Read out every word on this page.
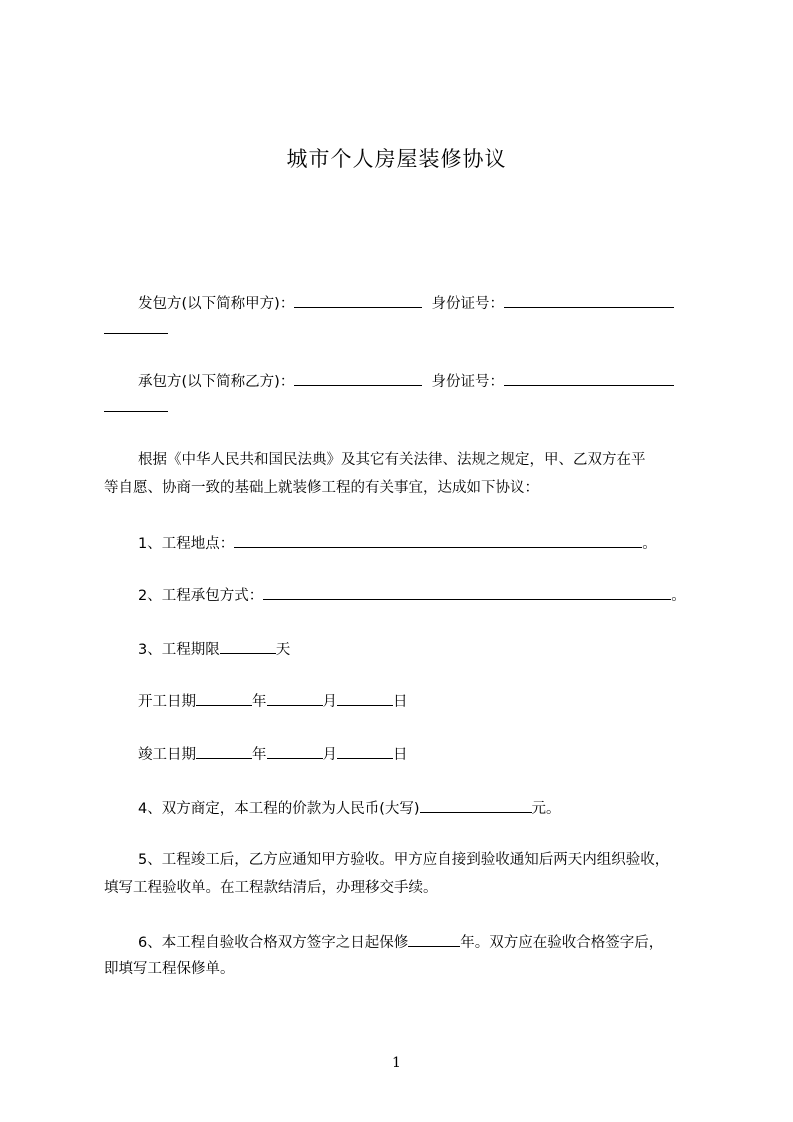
城市个人房屋装修协议
发包方(以下简称甲方)：	身份证号：
承包方(以下简称乙方)：	身份证号：
根据《中华人民共和国民法典》及其它有关法律、法规之规定，甲、乙双方在平
等自愿、协商一致的基础上就装修工程的有关事宜，达成如下协议：
1、工程地点：	。
2、工程承包方式：	。
3、工程期限	天
开工日期	年	月	日
竣工日期	年	月	日
4、双方商定，本工程的价款为人民币(大写)	元。
5、工程竣工后，乙方应通知甲方验收。甲方应自接到验收通知后两天内组织验收，
填写工程验收单。在工程款结清后，办理移交手续。
6、本工程自验收合格双方签字之日起保修	年。双方应在验收合格签字后，
即填写工程保修单。
1
